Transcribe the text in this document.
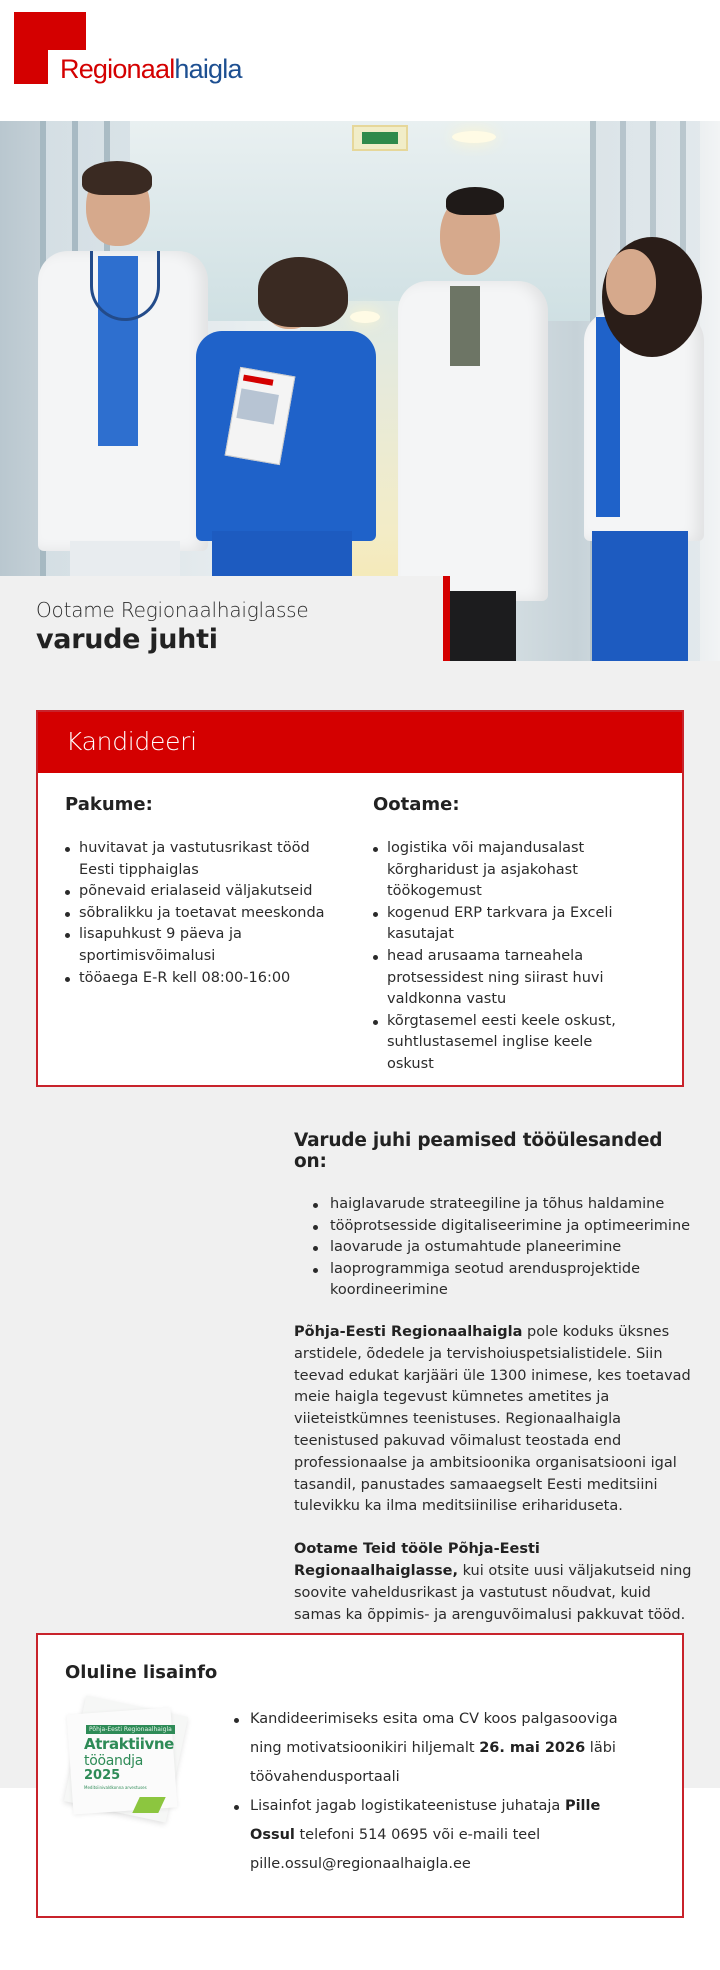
Regionaalhaigla
Ootame Regionaalhaiglasse
varude juhti
Kandideeri
Pakume:
huvitavat ja vastutusrikast tööd Eesti tipphaiglas
põnevaid erialaseid väljakutseid
sõbralikku ja toetavat meeskonda
lisapuhkust 9 päeva ja sportimisvõimalusi
tööaega E-R kell 08:00-16:00
Ootame:
logistika või majandusalast kõrgharidust ja asjakohast töökogemust
kogenud ERP tarkvara ja Exceli kasutajat
head arusaama tarneahela protsessidest ning siirast huvi valdkonna vastu
kõrgtasemel eesti keele oskust, suhtlustasemel inglise keele oskust
Varude juhi peamised tööülesanded on:
haiglavarude strateegiline ja tõhus haldamine
tööprotsesside digitaliseerimine ja optimeerimine
laovarude ja ostumahtude planeerimine
laoprogrammiga seotud arendusprojektide koordineerimine

Põhja-Eesti Regionaalhaigla pole koduks üksnes arstidele, õdedele ja tervishoiuspetsialistidele. Siin teevad edukat karjääri üle 1300 inimese, kes toetavad meie haigla tegevust kümnetes ametites ja viieteistkümnes teenistuses. Regionaalhaigla teenistused pakuvad võimalust teostada end professionaalse ja ambitsioonika organisatsiooni igal tasandil, panustades samaaegselt Eesti meditsiini tulevikku ka ilma meditsiinilise erihariduseta.

Ootame Teid tööle Põhja-Eesti Regionaalhaiglasse, kui otsite uusi väljakutseid ning soovite vaheldusrikast ja vastutust nõudvat, kuid samas ka õppimis- ja arenguvõimalusi pakkuvat tööd.

Oluline lisainfo
Põhja-Eesti Regionaalhaigla
Atraktiivne
tööandja
2025
Meditsiinivaldkonna arvestuses
Kandideerimiseks esita oma CV koos palgasooviga ning motivatsioonikiri hiljemalt 26. mai 2026 läbi töövahendusportaali
Lisainfot jagab logistikateenistuse juhataja Pille Ossul telefoni 514 0695 või e-maili teel pille.ossul@regionaalhaigla.ee
